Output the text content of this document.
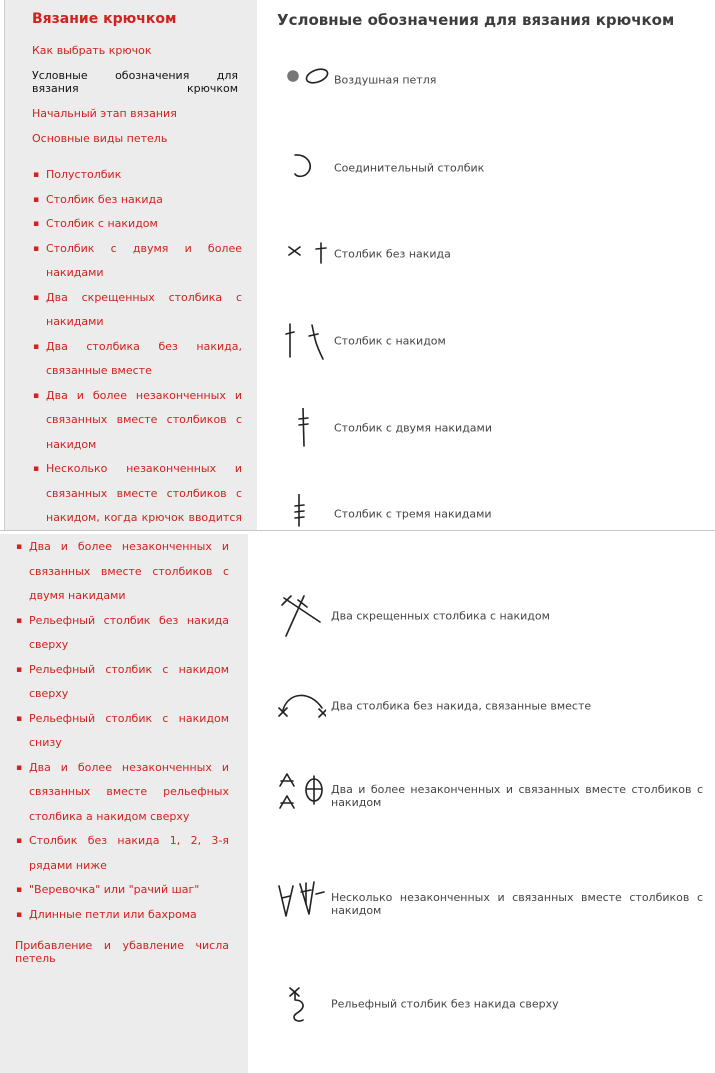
Вязание крючком
Как выбрать крючок
Условные обозначения для вязания крючком
Начальный этап вязания
Основные виды петель
▪ Полустолбик
▪ Столбик без накида
▪ Столбик с накидом
▪ Столбик с двумя и более накидами
▪ Два скрещенных столбика с накидами
▪ Два столбика без накида, связанные вместе
▪ Два и более незаконченных и связанных вместе столбиков с накидом
▪ Несколько незаконченных и связанных вместе столбиков с накидом, когда крючок вводится
Условные обозначения для вязания крючком
Воздушная петля
Соединительный столбик
Столбик без накида
Столбик с накидом
Столбик с двумя накидами
Столбик с тремя накидами
▪ Два и более незаконченных и связанных вместе столбиков с двумя накидами
▪ Рельефный столбик без накида сверху
▪ Рельефный столбик с накидом сверху
▪ Рельефный столбик с накидом снизу
▪ Два и более незаконченных и связанных вместе рельефных столбика а накидом сверху
▪ Столбик без накида 1, 2, 3-я рядами ниже
▪ "Веревочка" или "рачий шаг"
▪ Длинные петли или бахрома
Прибавление и убавление числа петель
Два скрещенных столбика с накидом
Два столбика без накида, связанные вместе
Два и более незаконченных и связанных вместе столбиков с накидом
Несколько незаконченных и связанных вместе столбиков с накидом
Рельефный столбик без накида сверху
